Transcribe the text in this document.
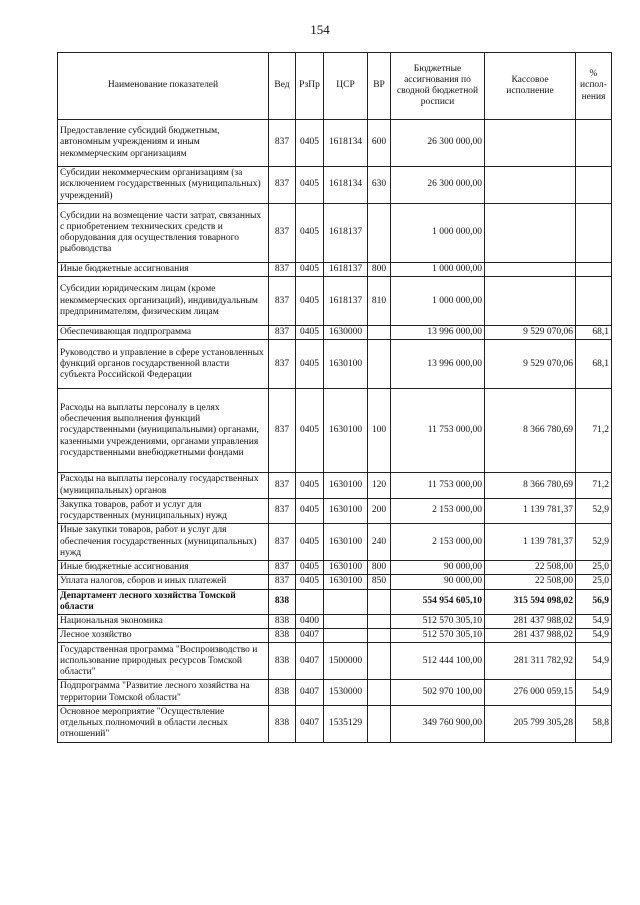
154
Наименование показателей	Вед	РзПр	ЦСР	ВР	Бюджетные ассигнования по сводной бюджетной росписи	Кассовое исполнение	% испол-нения
Предоставление субсидий бюджетным, автономным учреждениям и иным некоммерческим организациям	837	0405	1618134	600	26 300 000,00		
Субсидии некоммерческим организациям (за исключением государственных (муниципальных) учреждений)	837	0405	1618134	630	26 300 000,00		
Субсидии на возмещение части затрат, связанных с приобретением технических средств и оборудования для осуществления товарного рыбоводства	837	0405	1618137		1 000 000,00		
Иные бюджетные ассигнования	837	0405	1618137	800	1 000 000,00		
Субсидии юридическим лицам (кроме некоммерческих организаций), индивидуальным предпринимателям, физическим лицам	837	0405	1618137	810	1 000 000,00		
Обеспечивающая подпрограмма	837	0405	1630000		13 996 000,00	9 529 070,06	68,1
Руководство и управление в сфере установленных функций органов государственной власти субъекта Российской Федерации	837	0405	1630100		13 996 000,00	9 529 070,06	68,1
Расходы на выплаты персоналу в целях обеспечения выполнения функций государственными (муниципальными) органами, казенными учреждениями, органами управления государственными внебюджетными фондами	837	0405	1630100	100	11 753 000,00	8 366 780,69	71,2
Расходы на выплаты персоналу государственных (муниципальных) органов	837	0405	1630100	120	11 753 000,00	8 366 780,69	71,2
Закупка товаров, работ и услуг для государственных (муниципальных) нужд	837	0405	1630100	200	2 153 000,00	1 139 781,37	52,9
Иные закупки товаров, работ и услуг для обеспечения государственных (муниципальных) нужд	837	0405	1630100	240	2 153 000,00	1 139 781,37	52,9
Иные бюджетные ассигнования	837	0405	1630100	800	90 000,00	22 508,00	25,0
Уплата налогов, сборов и иных платежей	837	0405	1630100	850	90 000,00	22 508,00	25,0
Департамент лесного хозяйства Томской области	838				554 954 605,10	315 594 098,02	56,9
Национальная экономика	838	0400			512 570 305,10	281 437 988,02	54,9
Лесное хозяйство	838	0407			512 570 305,10	281 437 988,02	54,9
Государственная программа "Воспроизводство и использование природных ресурсов Томской области"	838	0407	1500000		512 444 100,00	281 311 782,92	54,9
Подпрограмма "Развитие лесного хозяйства на территории Томской области"	838	0407	1530000		502 970 100,00	276 000 059,15	54,9
Основное мероприятие "Осуществление отдельных полномочий в области лесных отношений"	838	0407	1535129		349 760 900,00	205 799 305,28	58,8
